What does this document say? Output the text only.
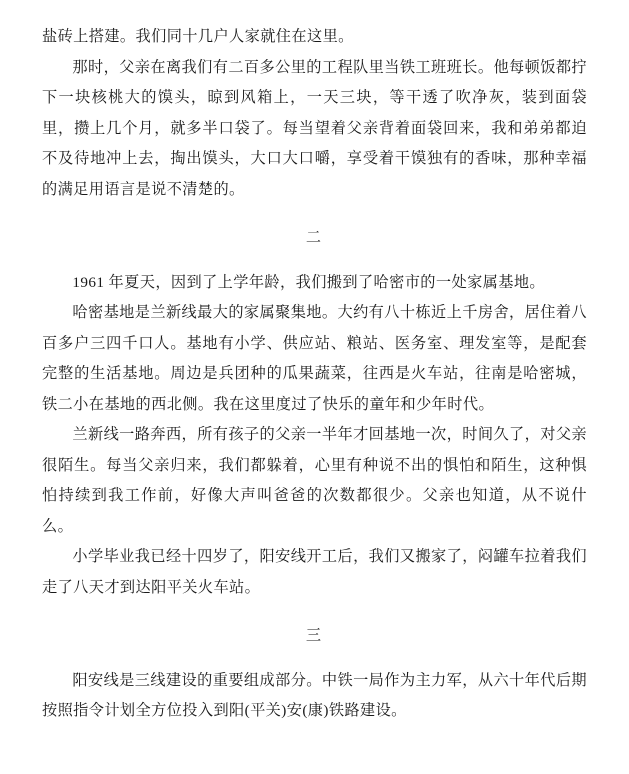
盐砖上搭建。我们同十几户人家就住在这里。
那时，父亲在离我们有二百多公里的工程队里当铁工班班长。他每顿饭都拧下一块核桃大的馍头，晾到风箱上，一天三块，等干透了吹净灰，装到面袋里，攒上几个月，就多半口袋了。每当望着父亲背着面袋回来，我和弟弟都迫不及待地冲上去，掏出馍头，大口大口嚼，享受着干馍独有的香味，那种幸福的满足用语言是说不清楚的。
二
1961 年夏天，因到了上学年龄，我们搬到了哈密市的一处家属基地。
哈密基地是兰新线最大的家属聚集地。大约有八十栋近上千房舍，居住着八百多户三四千口人。基地有小学、供应站、粮站、医务室、理发室等，是配套完整的生活基地。周边是兵团种的瓜果蔬菜，往西是火车站，往南是哈密城，铁二小在基地的西北侧。我在这里度过了快乐的童年和少年时代。
兰新线一路奔西，所有孩子的父亲一半年才回基地一次，时间久了，对父亲很陌生。每当父亲归来，我们都躲着，心里有种说不出的惧怕和陌生，这种惧怕持续到我工作前，好像大声叫爸爸的次数都很少。父亲也知道，从不说什么。
小学毕业我已经十四岁了，阳安线开工后，我们又搬家了，闷罐车拉着我们走了八天才到达阳平关火车站。
三
阳安线是三线建设的重要组成部分。中铁一局作为主力军，从六十年代后期按照指令计划全方位投入到阳(平关)安(康)铁路建设。
